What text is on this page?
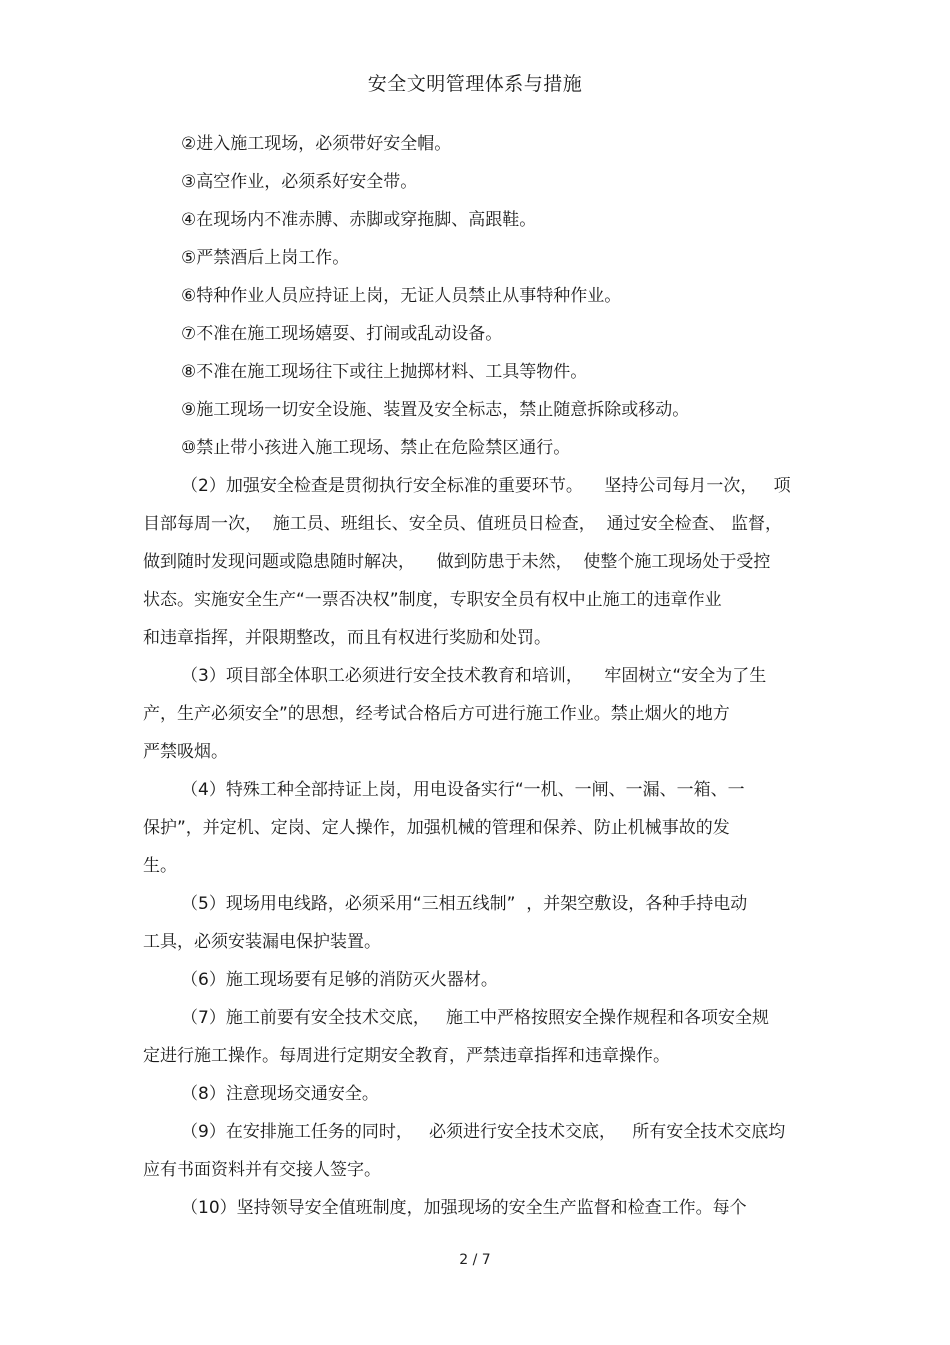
安全文明管理体系与措施
②进入施工现场，必须带好安全帽。
③高空作业，必须系好安全带。
④在现场内不准赤膊、赤脚或穿拖脚、高跟鞋。
⑤严禁酒后上岗工作。
⑥特种作业人员应持证上岗，无证人员禁止从事特种作业。
⑦不准在施工现场嬉耍、打闹或乱动设备。
⑧不准在施工现场往下或往上抛掷材料、工具等物件。
⑨施工现场一切安全设施、装置及安全标志，禁止随意拆除或移动。
⑩禁止带小孩进入施工现场、禁止在危险禁区通行。
（2）加强安全检查是贯彻执行安全标准的重要环节。    坚持公司每月一次，   项
目部每周一次，  施工员、班组长、安全员、值班员日检查，  通过安全检查、 监督，
做到随时发现问题或隐患随时解决，    做到防患于未然，  使整个施工现场处于受控
状态。实施安全生产“一票否决权”制度，专职安全员有权中止施工的违章作业
和违章指挥，并限期整改，而且有权进行奖励和处罚。
（3）项目部全体职工必须进行安全技术教育和培训，    牢固树立“安全为了生
产，生产必须安全”的思想，经考试合格后方可进行施工作业。禁止烟火的地方
严禁吸烟。
（4）特殊工种全部持证上岗，用电设备实行“一机、一闸、一漏、一箱、一
保护”，并定机、定岗、定人操作，加强机械的管理和保养、防止机械事故的发
生。
（5）现场用电线路，必须采用“三相五线制”  ，并架空敷设，各种手持电动
工具，必须安装漏电保护装置。
（6）施工现场要有足够的消防灭火器材。
（7）施工前要有安全技术交底，   施工中严格按照安全操作规程和各项安全规
定进行施工操作。每周进行定期安全教育，严禁违章指挥和违章操作。
（8）注意现场交通安全。
（9）在安排施工任务的同时，   必须进行安全技术交底，   所有安全技术交底均
应有书面资料并有交接人签字。
（10）坚持领导安全值班制度，加强现场的安全生产监督和检查工作。每个
2 / 7
